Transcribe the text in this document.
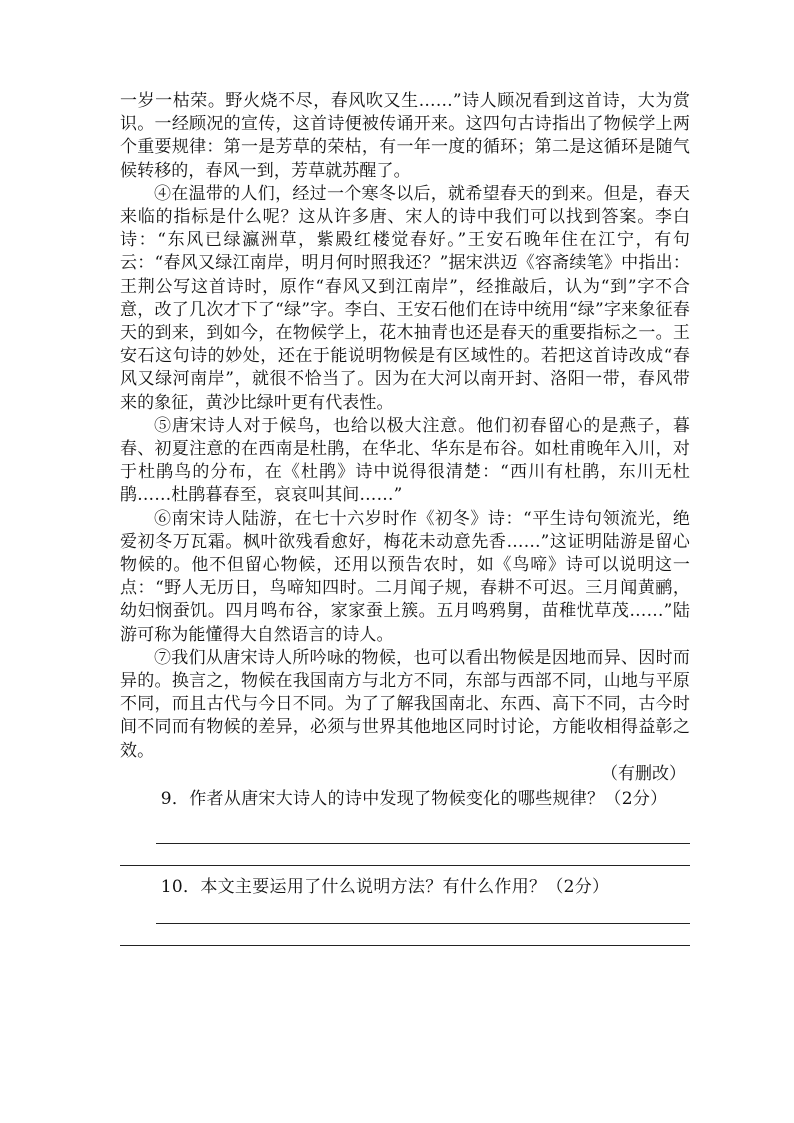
一岁一枯荣。野火烧不尽，春风吹又生……”诗人顾况看到这首诗，大为赏识。一经顾况的宣传，这首诗便被传诵开来。这四句古诗指出了物候学上两个重要规律：第一是芳草的荣枯，有一年一度的循环；第二是这循环是随气候转移的，春风一到，芳草就苏醒了。

④在温带的人们，经过一个寒冬以后，就希望春天的到来。但是，春天来临的指标是什么呢？这从许多唐、宋人的诗中我们可以找到答案。李白诗：“东风已绿瀛洲草，紫殿红楼觉春好。”王安石晚年住在江宁，有句云：“春风又绿江南岸，明月何时照我还？”据宋洪迈《容斋续笔》中指出：王荆公写这首诗时，原作“春风又到江南岸”，经推敲后，认为“到”字不合意，改了几次才下了“绿”字。李白、王安石他们在诗中统用“绿”字来象征春天的到来，到如今，在物候学上，花木抽青也还是春天的重要指标之一。王安石这句诗的妙处，还在于能说明物候是有区域性的。若把这首诗改成“春风又绿河南岸”，就很不恰当了。因为在大河以南开封、洛阳一带，春风带来的象征，黄沙比绿叶更有代表性。

⑤唐宋诗人对于候鸟，也给以极大注意。他们初春留心的是燕子，暮春、初夏注意的在西南是杜鹃，在华北、华东是布谷。如杜甫晚年入川，对于杜鹃鸟的分布，在《杜鹃》诗中说得很清楚：“西川有杜鹃，东川无杜鹃……杜鹃暮春至，哀哀叫其间……”

⑥南宋诗人陆游，在七十六岁时作《初冬》诗：“平生诗句领流光，绝爱初冬万瓦霜。枫叶欲残看愈好，梅花未动意先香……”这证明陆游是留心物候的。他不但留心物候，还用以预告农时，如《鸟啼》诗可以说明这一点：“野人无历日，鸟啼知四时。二月闻子规，春耕不可迟。三月闻黄鹂，幼妇悯蚕饥。四月鸣布谷，家家蚕上簇。五月鸣鸦舅，苗稚忧草茂……”陆游可称为能懂得大自然语言的诗人。

⑦我们从唐宋诗人所吟咏的物候，也可以看出物候是因地而异、因时而异的。换言之，物候在我国南方与北方不同，东部与西部不同，山地与平原不同，而且古代与今日不同。为了了解我国南北、东西、高下不同，古今时间不同而有物候的差异，必须与世界其他地区同时讨论，方能收相得益彰之效。

（有删改）

9．作者从唐宋大诗人的诗中发现了物候变化的哪些规律？（2分）

10．本文主要运用了什么说明方法？有什么作用？（2分）
